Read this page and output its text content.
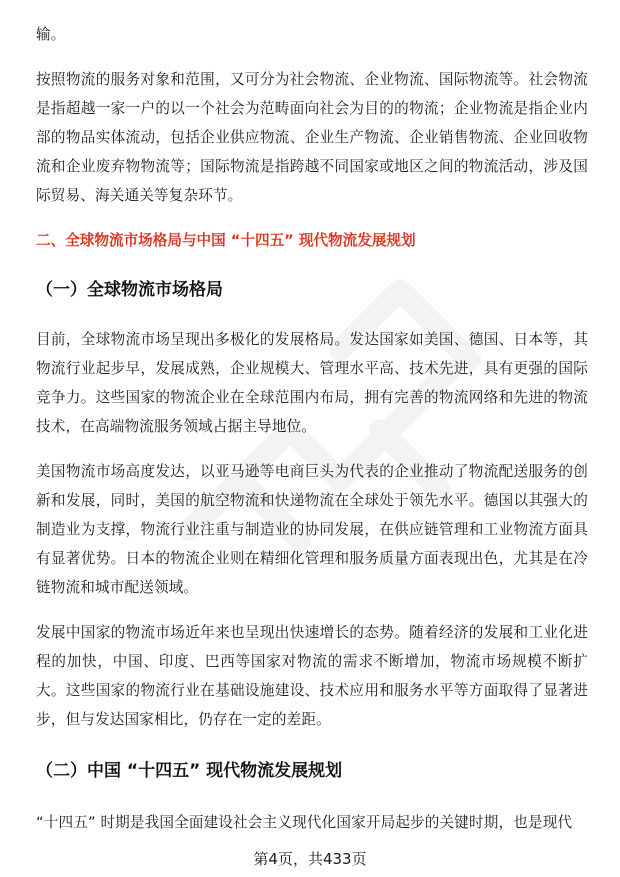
输。

按照物流的服务对象和范围，又可分为社会物流、企业物流、国际物流等。社会物流是指超越一家一户的以一个社会为范畴面向社会为目的的物流；企业物流是指企业内部的物品实体流动，包括企业供应物流、企业生产物流、企业销售物流、企业回收物流和企业废弃物物流等；国际物流是指跨越不同国家或地区之间的物流活动，涉及国际贸易、海关通关等复杂环节。

二、全球物流市场格局与中国 “十四五” 现代物流发展规划

（一）全球物流市场格局

目前，全球物流市场呈现出多极化的发展格局。发达国家如美国、德国、日本等，其物流行业起步早，发展成熟，企业规模大、管理水平高、技术先进，具有更强的国际竞争力。这些国家的物流企业在全球范围内布局，拥有完善的物流网络和先进的物流技术，在高端物流服务领域占据主导地位。

美国物流市场高度发达，以亚马逊等电商巨头为代表的企业推动了物流配送服务的创新和发展，同时，美国的航空物流和快递物流在全球处于领先水平。德国以其强大的制造业为支撑，物流行业注重与制造业的协同发展，在供应链管理和工业物流方面具有显著优势。日本的物流企业则在精细化管理和服务质量方面表现出色，尤其是在冷链物流和城市配送领域。

发展中国家的物流市场近年来也呈现出快速增长的态势。随着经济的发展和工业化进程的加快，中国、印度、巴西等国家对物流的需求不断增加，物流市场规模不断扩大。这些国家的物流行业在基础设施建设、技术应用和服务水平等方面取得了显著进步，但与发达国家相比，仍存在一定的差距。

（二）中国 “十四五” 现代物流发展规划

“十四五” 时期是我国全面建设社会主义现代化国家开局起步的关键时期，也是现代

第4页，共433页
